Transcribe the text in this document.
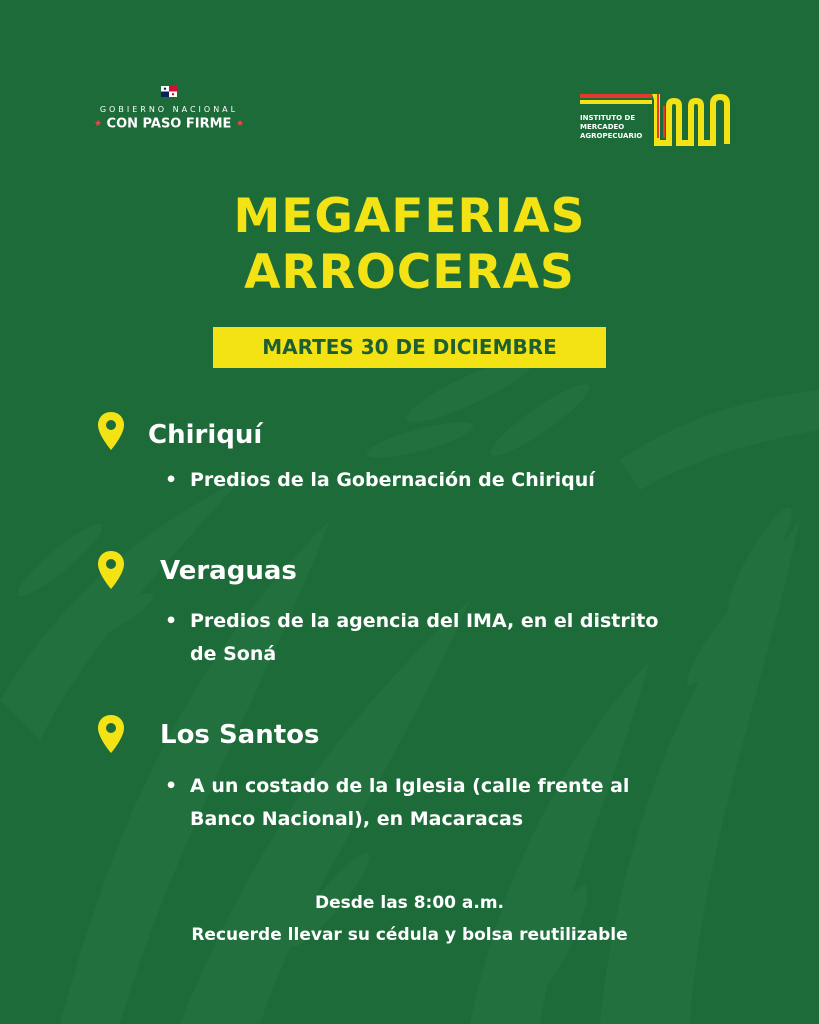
GOBIERNO NACIONAL
★ CON PASO FIRME ★
INSTITUTO DE
MERCADEO
AGROPECUARIO
MEGAFERIAS
ARROCERAS
MARTES 30 DE DICIEMBRE
Chiriquí
• Predios de la Gobernación de Chiriquí
Veraguas
• Predios de la agencia del IMA, en el distrito
de Soná
Los Santos
• A un costado de la Iglesia (calle frente al
Banco Nacional), en Macaracas
Desde las 8:00 a.m.
Recuerde llevar su cédula y bolsa reutilizable
